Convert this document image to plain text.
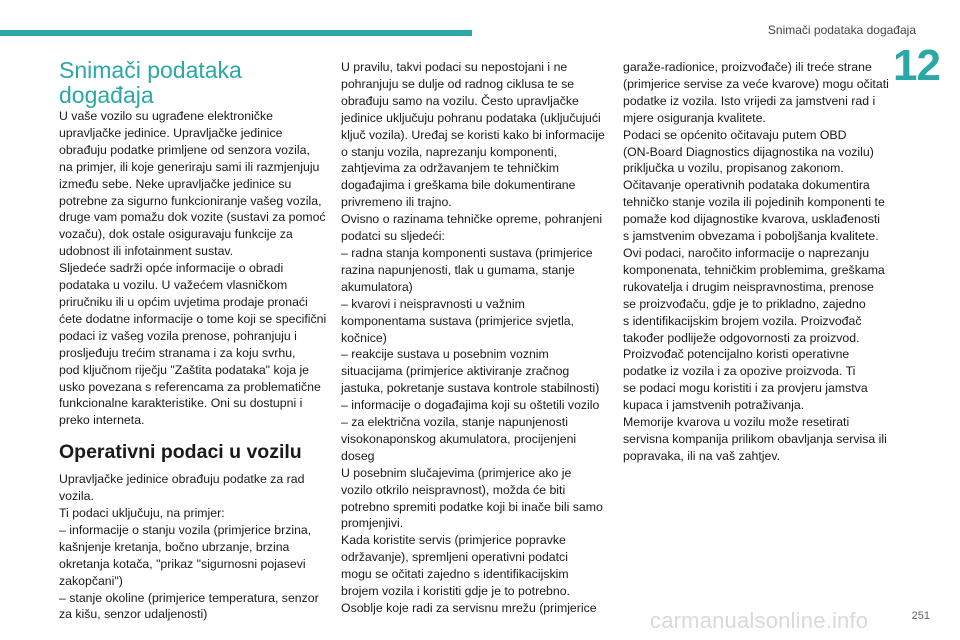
Snimači podataka događaja
12
Snimači podataka
događaja

U vaše vozilo su ugrađene elektroničke
upravljačke jedinice. Upravljačke jedinice
obrađuju podatke primljene od senzora vozila,
na primjer, ili koje generiraju sami ili razmjenjuju
između sebe. Neke upravljačke jedinice su
potrebne za sigurno funkcioniranje vašeg vozila,
druge vam pomažu dok vozite (sustavi za pomoć
vozaču), dok ostale osiguravaju funkcije za
udobnost ili infotainment sustav.
Sljedeće sadrži opće informacije o obradi
podataka u vozilu. U važećem vlasničkom
priručniku ili u općim uvjetima prodaje pronaći
ćete dodatne informacije o tome koji se specifični
podaci iz vašeg vozila prenose, pohranjuju i
prosljeđuju trećim stranama i za koju svrhu,
pod ključnom riječju "Zaštita podataka" koja je
usko povezana s referencama za problematične
funkcionalne karakteristike. Oni su dostupni i
preko interneta.

Operativni podaci u vozilu

Upravljačke jedinice obrađuju podatke za rad
vozila.
Ti podaci uključuju, na primjer:
– informacije o stanju vozila (primjerice brzina,
kašnjenje kretanja, bočno ubrzanje, brzina
okretanja kotača, "prikaz "sigurnosni pojasevi
zakopčani")
– stanje okoline (primjerice temperatura, senzor
za kišu, senzor udaljenosti)

U pravilu, takvi podaci su nepostojani i ne
pohranjuju se dulje od radnog ciklusa te se
obrađuju samo na vozilu. Često upravljačke
jedinice uključuju pohranu podataka (uključujući
ključ vozila). Uređaj se koristi kako bi informacije
o stanju vozila, naprezanju komponenti,
zahtjevima za održavanjem te tehničkim
događajima i greškama bile dokumentirane
privremeno ili trajno.
Ovisno o razinama tehničke opreme, pohranjeni
podatci su sljedeći:
– radna stanja komponenti sustava (primjerice
razina napunjenosti, tlak u gumama, stanje
akumulatora)
– kvarovi i neispravnosti u važnim
komponentama sustava (primjerice svjetla,
kočnice)
– reakcije sustava u posebnim voznim
situacijama (primjerice aktiviranje zračnog
jastuka, pokretanje sustava kontrole stabilnosti)
– informacije o događajima koji su oštetili vozilo
– za električna vozila, stanje napunjenosti
visokonaponskog akumulatora, procijenjeni
doseg
U posebnim slučajevima (primjerice ako je
vozilo otkrilo neispravnost), možda će biti
potrebno spremiti podatke koji bi inače bili samo
promjenjivi.
Kada koristite servis (primjerice popravke
održavanje), spremljeni operativni podatci
mogu se očitati zajedno s identifikacijskim
brojem vozila i koristiti gdje je to potrebno.
Osoblje koje radi za servisnu mrežu (primjerice

garaže-radionice, proizvođače) ili treće strane
(primjerice servise za veće kvarove) mogu očitati
podatke iz vozila. Isto vrijedi za jamstveni rad i
mjere osiguranja kvalitete.
Podaci se općenito očitavaju putem OBD
(ON-Board Diagnostics dijagnostika na vozilu)
priključka u vozilu, propisanog zakonom.
Očitavanje operativnih podataka dokumentira
tehničko stanje vozila ili pojedinih komponenti te
pomaže kod dijagnostike kvarova, usklađenosti
s jamstvenim obvezama i poboljšanja kvalitete.
Ovi podaci, naročito informacije o naprezanju
komponenata, tehničkim problemima, greškama
rukovatelja i drugim neispravnostima, prenose
se proizvođaču, gdje je to prikladno, zajedno
s identifikacijskim brojem vozila. Proizvođač
također podliježe odgovornosti za proizvod.
Proizvođač potencijalno koristi operativne
podatke iz vozila i za opozive proizvoda. Ti
se podaci mogu koristiti i za provjeru jamstva
kupaca i jamstvenih potraživanja.
Memorije kvarova u vozilu može resetirati
servisna kompanija prilikom obavljanja servisa ili
popravaka, ili na vaš zahtjev.

carmanualsonline.info	251
